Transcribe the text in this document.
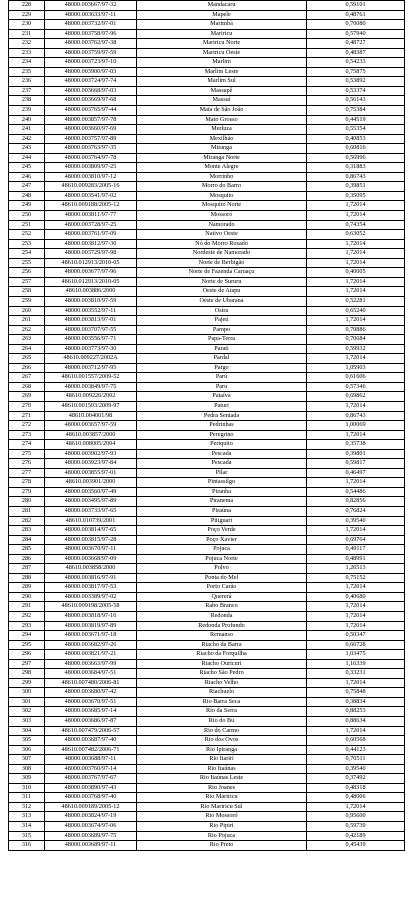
228	48000.003667/97-32	Mandacaru	0,59101
229	48000.003633/97-11	Mapele	0,48761
230	48000.003732/97-01	Marimbá	0,70080
231	48000.003758/97-96	Mariricu	0,57940
232	48000.003762/97-38	Mariricu Norte	0,48727
233	48000.003759/97-59	Mariricu Oeste	0,48387
234	48000.003723/97-10	Marlim	0,54233
235	48000.003900/97-03	Marlim Leste	0,75875
236	48000.003724/97-74	Marlim Sul	0,53892
237	48000.003668/97-03	Massapê	0,53374
238	48000.003669/97-68	Massuí	0,56143
239	48000.003765/97-44	Mata de São João	0,75384
240	48000.003857/97-78	Mato Grosso	0,44519
241	48000.003660/97-69	Merluza	0,55354
242	48000.003757/97-89	Mexilhão	0,40853
243	48000.003763/97-35	Miranga	0,60816
244	48000.003764/97-78	Miranga Norte	0,56996
245	48000.003809/97-25	Monte Alegre	0,31883
246	48000.003810/97-12	Morrinho	0,86743
247	48610.009283/2005-16	Morro do Barro	0,39851
248	48000.003541/97-02	Mosquito	0,35095
249	48610.009188/2005-12	Mosquito Norte	1,72014
250	48000.003811/97-77	Mossoró	1,72014
251	48000.003728/97-25	Namorado	0,74354
252	48000.003761/97-09	Nativo Oeste	0,63052
253	48000.003812/97-30	Nó do Morro Rosado	1,72014
254	48000.003729/97-98	Nordeste de Namorado	1,72014
255	48610.012913/2010-05	Norte de Berbigão	1,72014
256	48000.003677/97-96	Norte de Fazenda Caruaçu	0,40005
257	48610.012913/2010-05	Norte de Sururu	1,72014
258	48610.003886/2000	Oeste de Atapu	1,72014
259	48000.003810/97-59	Oeste de Ubarana	0,52281
260	48000.003552/97-11	Ostra	0,65240
261	48000.003813/97-01	Pajeú	1,72014
262	48000.003707/97-55	Pampo	0,70886
263	48000.003556/97-71	Papa-Terra	0,70684
264	48000.003773/97-30	Parati	0,59932
265	48610.009227/2002A	Pardal	1,72014
266	48000.003712/97-95	Pargo	1,05903
267	48610.001557/2009-52	Parú	0,61606
268	48000.003849/97-75	Paru	0,57346
269	48610.009226/2002	Pataíva	0,69862
270	48610.001503/2009-97	Paturi	1,72014
271	48610.004001/98	Pedra Sentada	0,86743
272	48000.003657/97-59	Pedrinhas	1,00069
273	48610.003857/2000	Peregrino	1,72014
274	48610.008005/2004	Periquito	0,35738
275	48000.003902/97-93	Pescada	0,39801
276	48000.003923/97-84	Pescada	0,59817
277	48000.003855/97-01	Pilar	0,46497
278	48610.003901/2000	Pintassilgo	1,72014
279	48000.003560/97-49	Piranha	0,54486
280	48000.003495/97-89	Piranema	0,82856
281	48000.003733/97-65	Piraúna	0,76824
282	48610.010739/2001	Pitiguari	0,39540
283	48000.003814/97-65	Poço Verde	1,72014
284	48000.003815/97-28	Poço Xavier	0,69764
285	48000.003670/97-11	Pojuca	0,49117
286	48000.003668/97-09	Pojuca Norte	0,48991
287	48610.003858/2000	Polvo	1,26513
288	48000.003816/97-91	Ponta do Mel	0,75152
289	48000.003817/97-53	Porto Carão	1,72014
290	48000.003389/97-02	Quererá	0,40680
291	48610.009198/2005-58	Rabo Branco	1,72014
292	48000.003818/97-16	Redonda	1,72014
293	48000.003819/97-89	Redonda Profundo	1,72014
294	48000.003671/97-18	Remanso	0,50347
295	48000.003682/97-26	Riacho da Barra	0,66728
296	48000.003821/97-21	Riacho da Forquilha	1,03475
297	48000.003663/97-99	Riacho Ouricuri	1,16339
298	48000.003684/97-51	Riacho São Pedro	0,33231
299	48610.007480/2006-81	Riacho Velho	1,72014
300	48000.003680/97-42	Riachuelo	0,75848
301	48000.003670/97-51	Rio Barra Seca	0,38834
302	48000.003685/97-14	Rio da Serra	0,88253
303	48000.003686/97-87	Rio do Bu	0,88634
304	48610.007479/2006-57	Rio do Carmo	1,72014
305	48000.003687/97-40	Rio dos Ovos	0,60568
306	48610.007482/2006-71	Rio Ipiranga	0,44123
307	48000.003688/97-11	Rio Itariri	0,70511
308	48000.003760/97-14	Rio Itaúnas	0,39540
309	48000.003767/97-67	Rio Itaúnas Leste	0,37492
310	48000.003890/97-43	Rio Joanes	0,48318
311	48000.003768/97-40	Rio Mariricu	0,48006
312	48610.009189/2005-12	Rio Mariricu Sul	1,72014
313	48000.003824/97-19	Rio Mossoró	0,95600
314	48000.003674/97-06	Rio Pipiri	0,59739
315	48000.003689/97-75	Rio Pojuca	0,42189
316	48000.003689/97-11	Rio Preto	0,45439
